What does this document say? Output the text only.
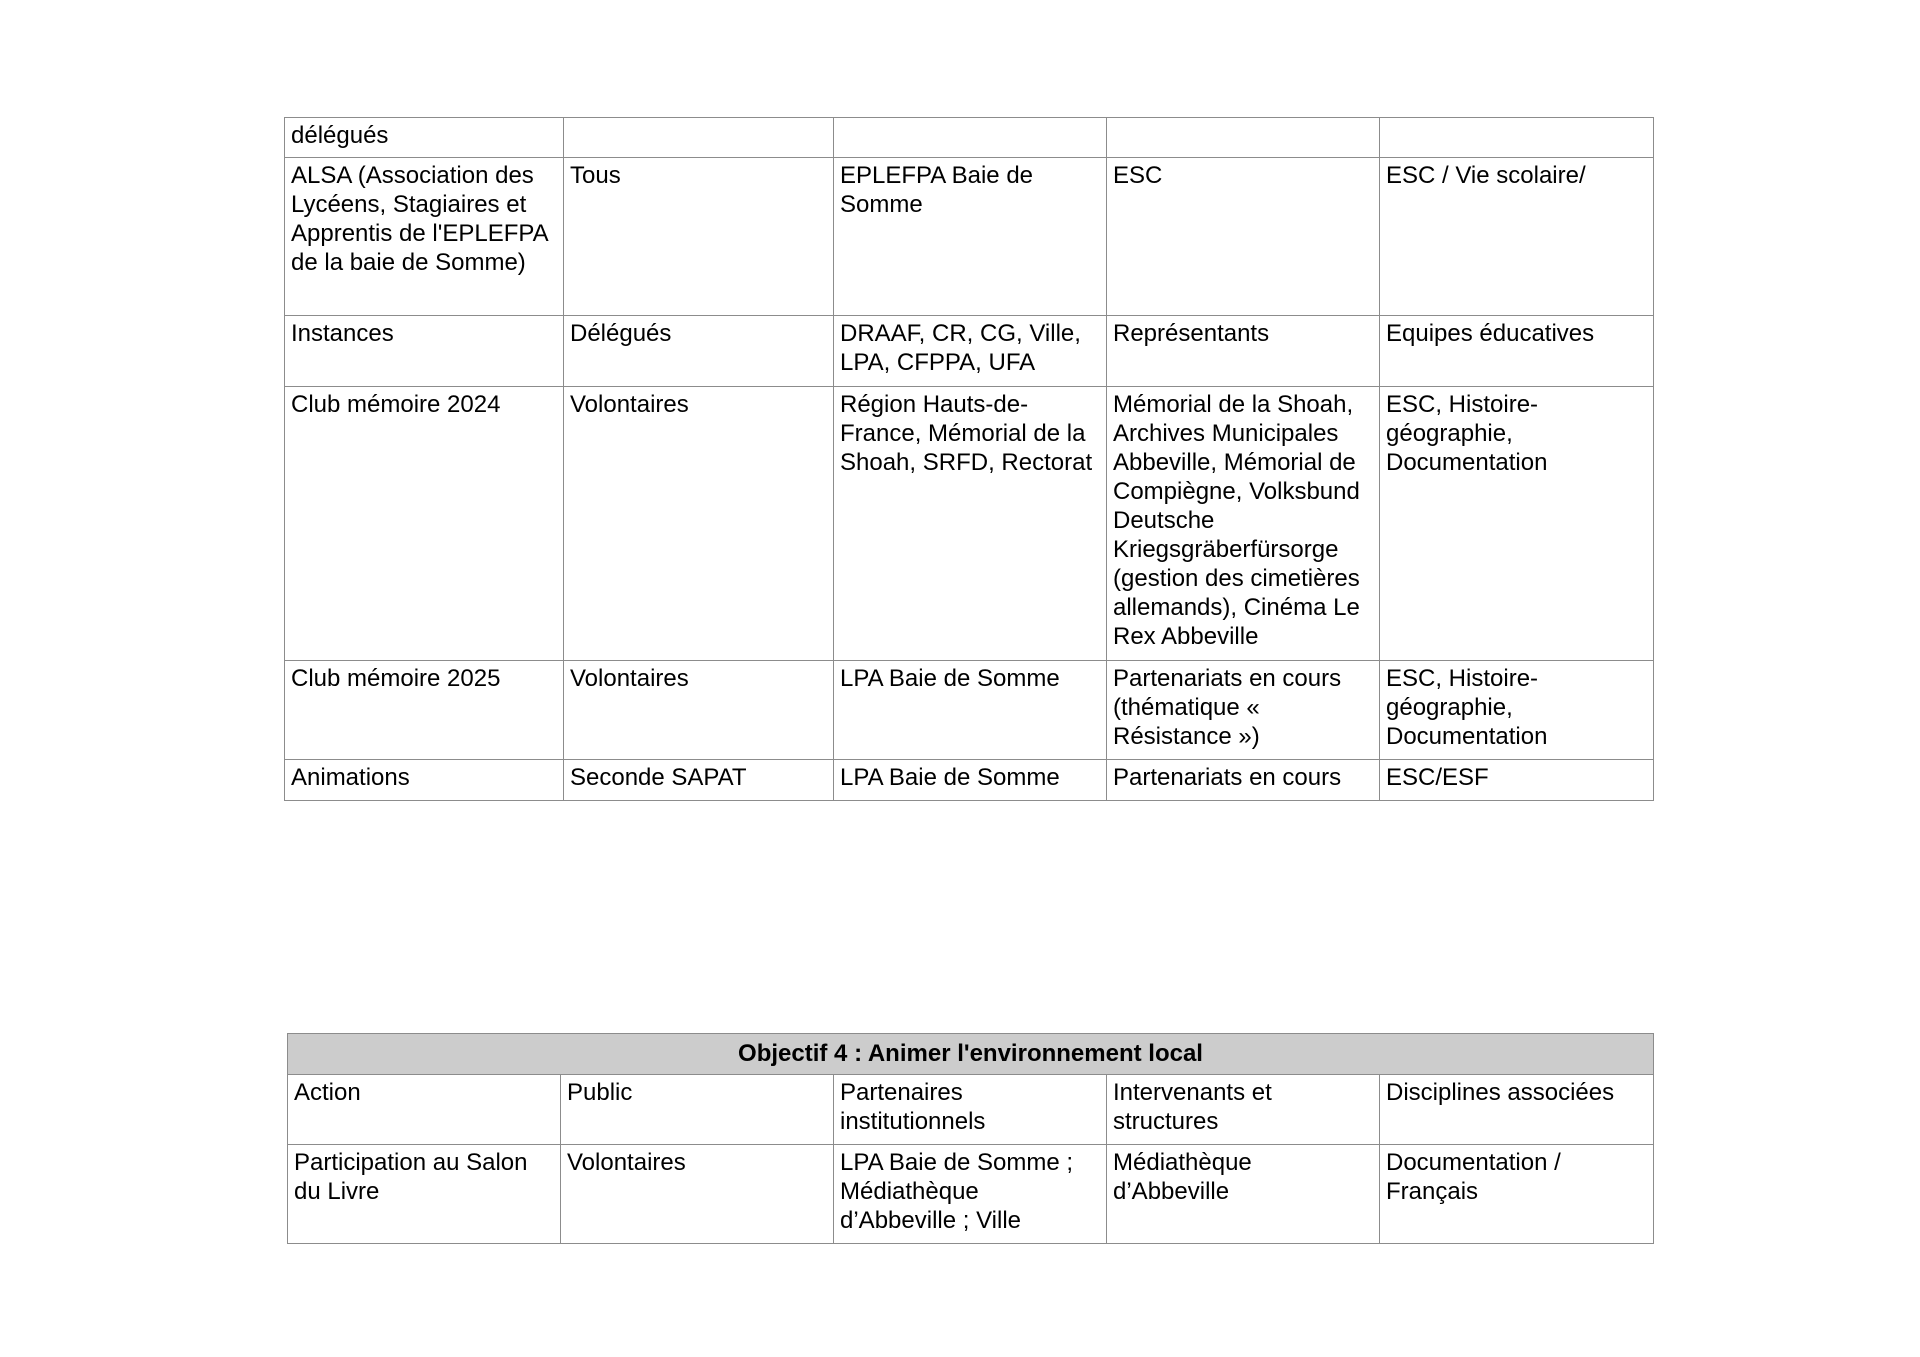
délégués				
ALSA (Association des Lycéens, Stagiaires et Apprentis de l'EPLEFPA de la baie de Somme)	Tous	EPLEFPA Baie de Somme	ESC	ESC / Vie scolaire/
Instances	Délégués	DRAAF, CR, CG, Ville, LPA, CFPPA, UFA	Représentants	Equipes éducatives
Club mémoire 2024	Volontaires	Région Hauts-de-France, Mémorial de la Shoah, SRFD, Rectorat	Mémorial de la Shoah, Archives Municipales Abbeville, Mémorial de Compiègne, Volksbund Deutsche Kriegsgräberfürsorge (gestion des cimetières allemands), Cinéma Le Rex Abbeville	ESC, Histoire-géographie, Documentation
Club mémoire 2025	Volontaires	LPA Baie de Somme	Partenariats en cours (thématique « Résistance »)	ESC, Histoire-géographie, Documentation
Animations	Seconde SAPAT	LPA Baie de Somme	Partenariats en cours	ESC/ESF
Objectif 4 : Animer l'environnement local				
Action	Public	Partenaires institutionnels	Intervenants et structures	Disciplines associées
Participation au Salon du Livre	Volontaires	LPA Baie de Somme ; Médiathèque d’Abbeville ; Ville	Médiathèque d’Abbeville	Documentation / Français
